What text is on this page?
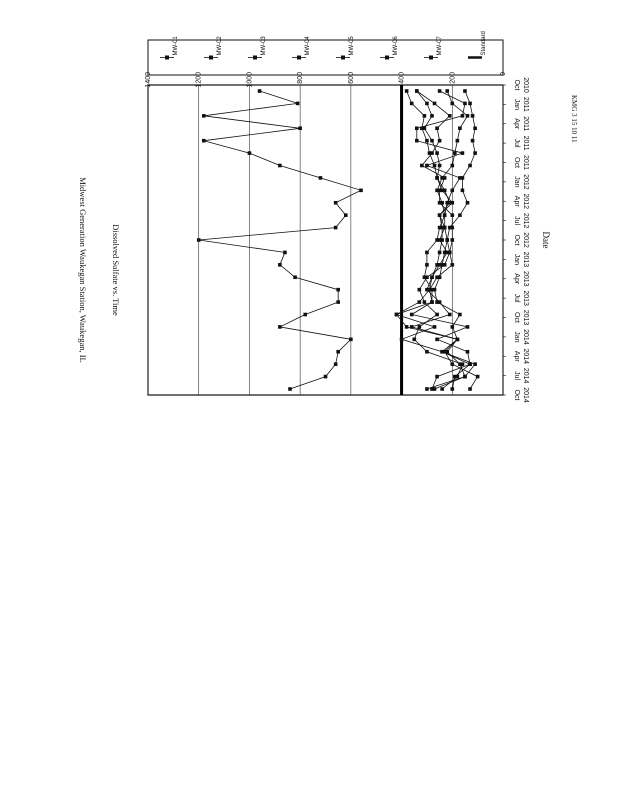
KMG 3 15 10 11
Midwest Generation Waukegan Station, Waukegan, IL	Dissolved Sulfate vs. Time
0
200
400
600
800
1000
1200
1400	Oct 2010
Jan 2011
Apr 2011
Jul 2011
Oct 2011
Jan 2012
Apr 2012
Jul 2012
Oct 2012
Jan 2013
Apr 2013
Jul 2013
Oct 2013
Jan 2014
Apr 2014
Jul 2014
Oct 2014
MW-01	MW-02	MW-03	MW-04	MW-05	MW-06	MW-07	Standard
Date
